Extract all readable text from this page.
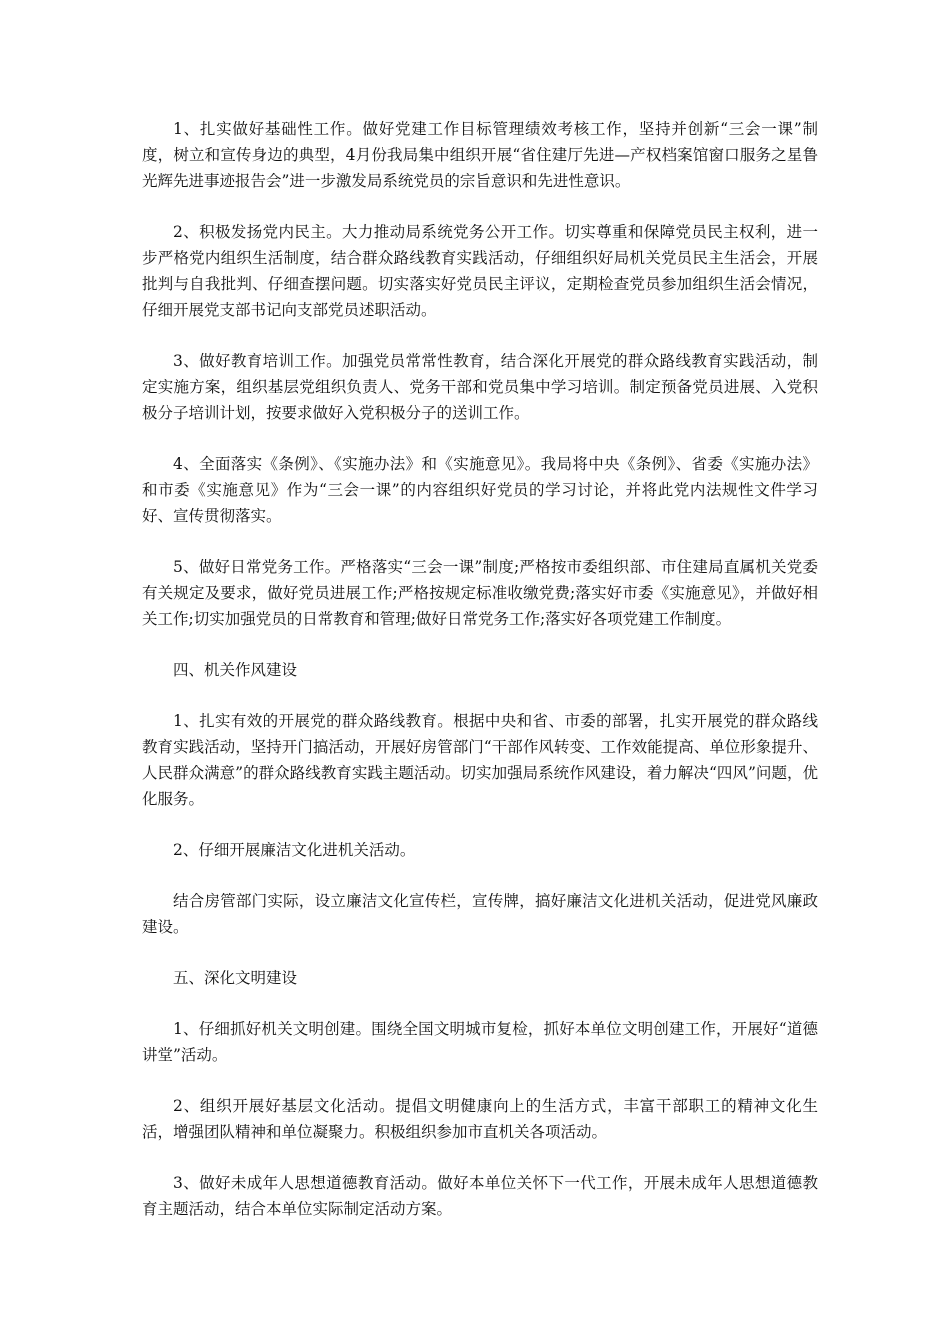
1、扎实做好基础性工作。做好党建工作目标管理绩效考核工作，坚持并创新“三会一课”制度，树立和宣传身边的典型，4月份我局集中组织开展“省住建厅先进—产权档案馆窗口服务之星鲁光辉先进事迹报告会”进一步激发局系统党员的宗旨意识和先进性意识。

2、积极发扬党内民主。大力推动局系统党务公开工作。切实尊重和保障党员民主权利，进一步严格党内组织生活制度，结合群众路线教育实践活动，仔细组织好局机关党员民主生活会，开展批判与自我批判、仔细查摆问题。切实落实好党员民主评议，定期检查党员参加组织生活会情况，仔细开展党支部书记向支部党员述职活动。

3、做好教育培训工作。加强党员常常性教育，结合深化开展党的群众路线教育实践活动，制定实施方案，组织基层党组织负责人、党务干部和党员集中学习培训。制定预备党员进展、入党积极分子培训计划，按要求做好入党积极分子的送训工作。

4、全面落实《条例》、《实施办法》和《实施意见》。我局将中央《条例》、省委《实施办法》和市委《实施意见》作为“三会一课”的内容组织好党员的学习讨论，并将此党内法规性文件学习好、宣传贯彻落实。

5、做好日常党务工作。严格落实“三会一课”制度;严格按市委组织部、市住建局直属机关党委有关规定及要求，做好党员进展工作;严格按规定标准收缴党费;落实好市委《实施意见》，并做好相关工作;切实加强党员的日常教育和管理;做好日常党务工作;落实好各项党建工作制度。

四、机关作风建设

1、扎实有效的开展党的群众路线教育。根据中央和省、市委的部署，扎实开展党的群众路线教育实践活动，坚持开门搞活动，开展好房管部门“干部作风转变、工作效能提高、单位形象提升、人民群众满意”的群众路线教育实践主题活动。切实加强局系统作风建设，着力解决“四风”问题，优化服务。

2、仔细开展廉洁文化进机关活动。

结合房管部门实际，设立廉洁文化宣传栏，宣传牌，搞好廉洁文化进机关活动，促进党风廉政建设。

五、深化文明建设

1、仔细抓好机关文明创建。围绕全国文明城市复检，抓好本单位文明创建工作，开展好“道德讲堂”活动。

2、组织开展好基层文化活动。提倡文明健康向上的生活方式，丰富干部职工的精神文化生活，增强团队精神和单位凝聚力。积极组织参加市直机关各项活动。

3、做好未成年人思想道德教育活动。做好本单位关怀下一代工作，开展未成年人思想道德教育主题活动，结合本单位实际制定活动方案。
